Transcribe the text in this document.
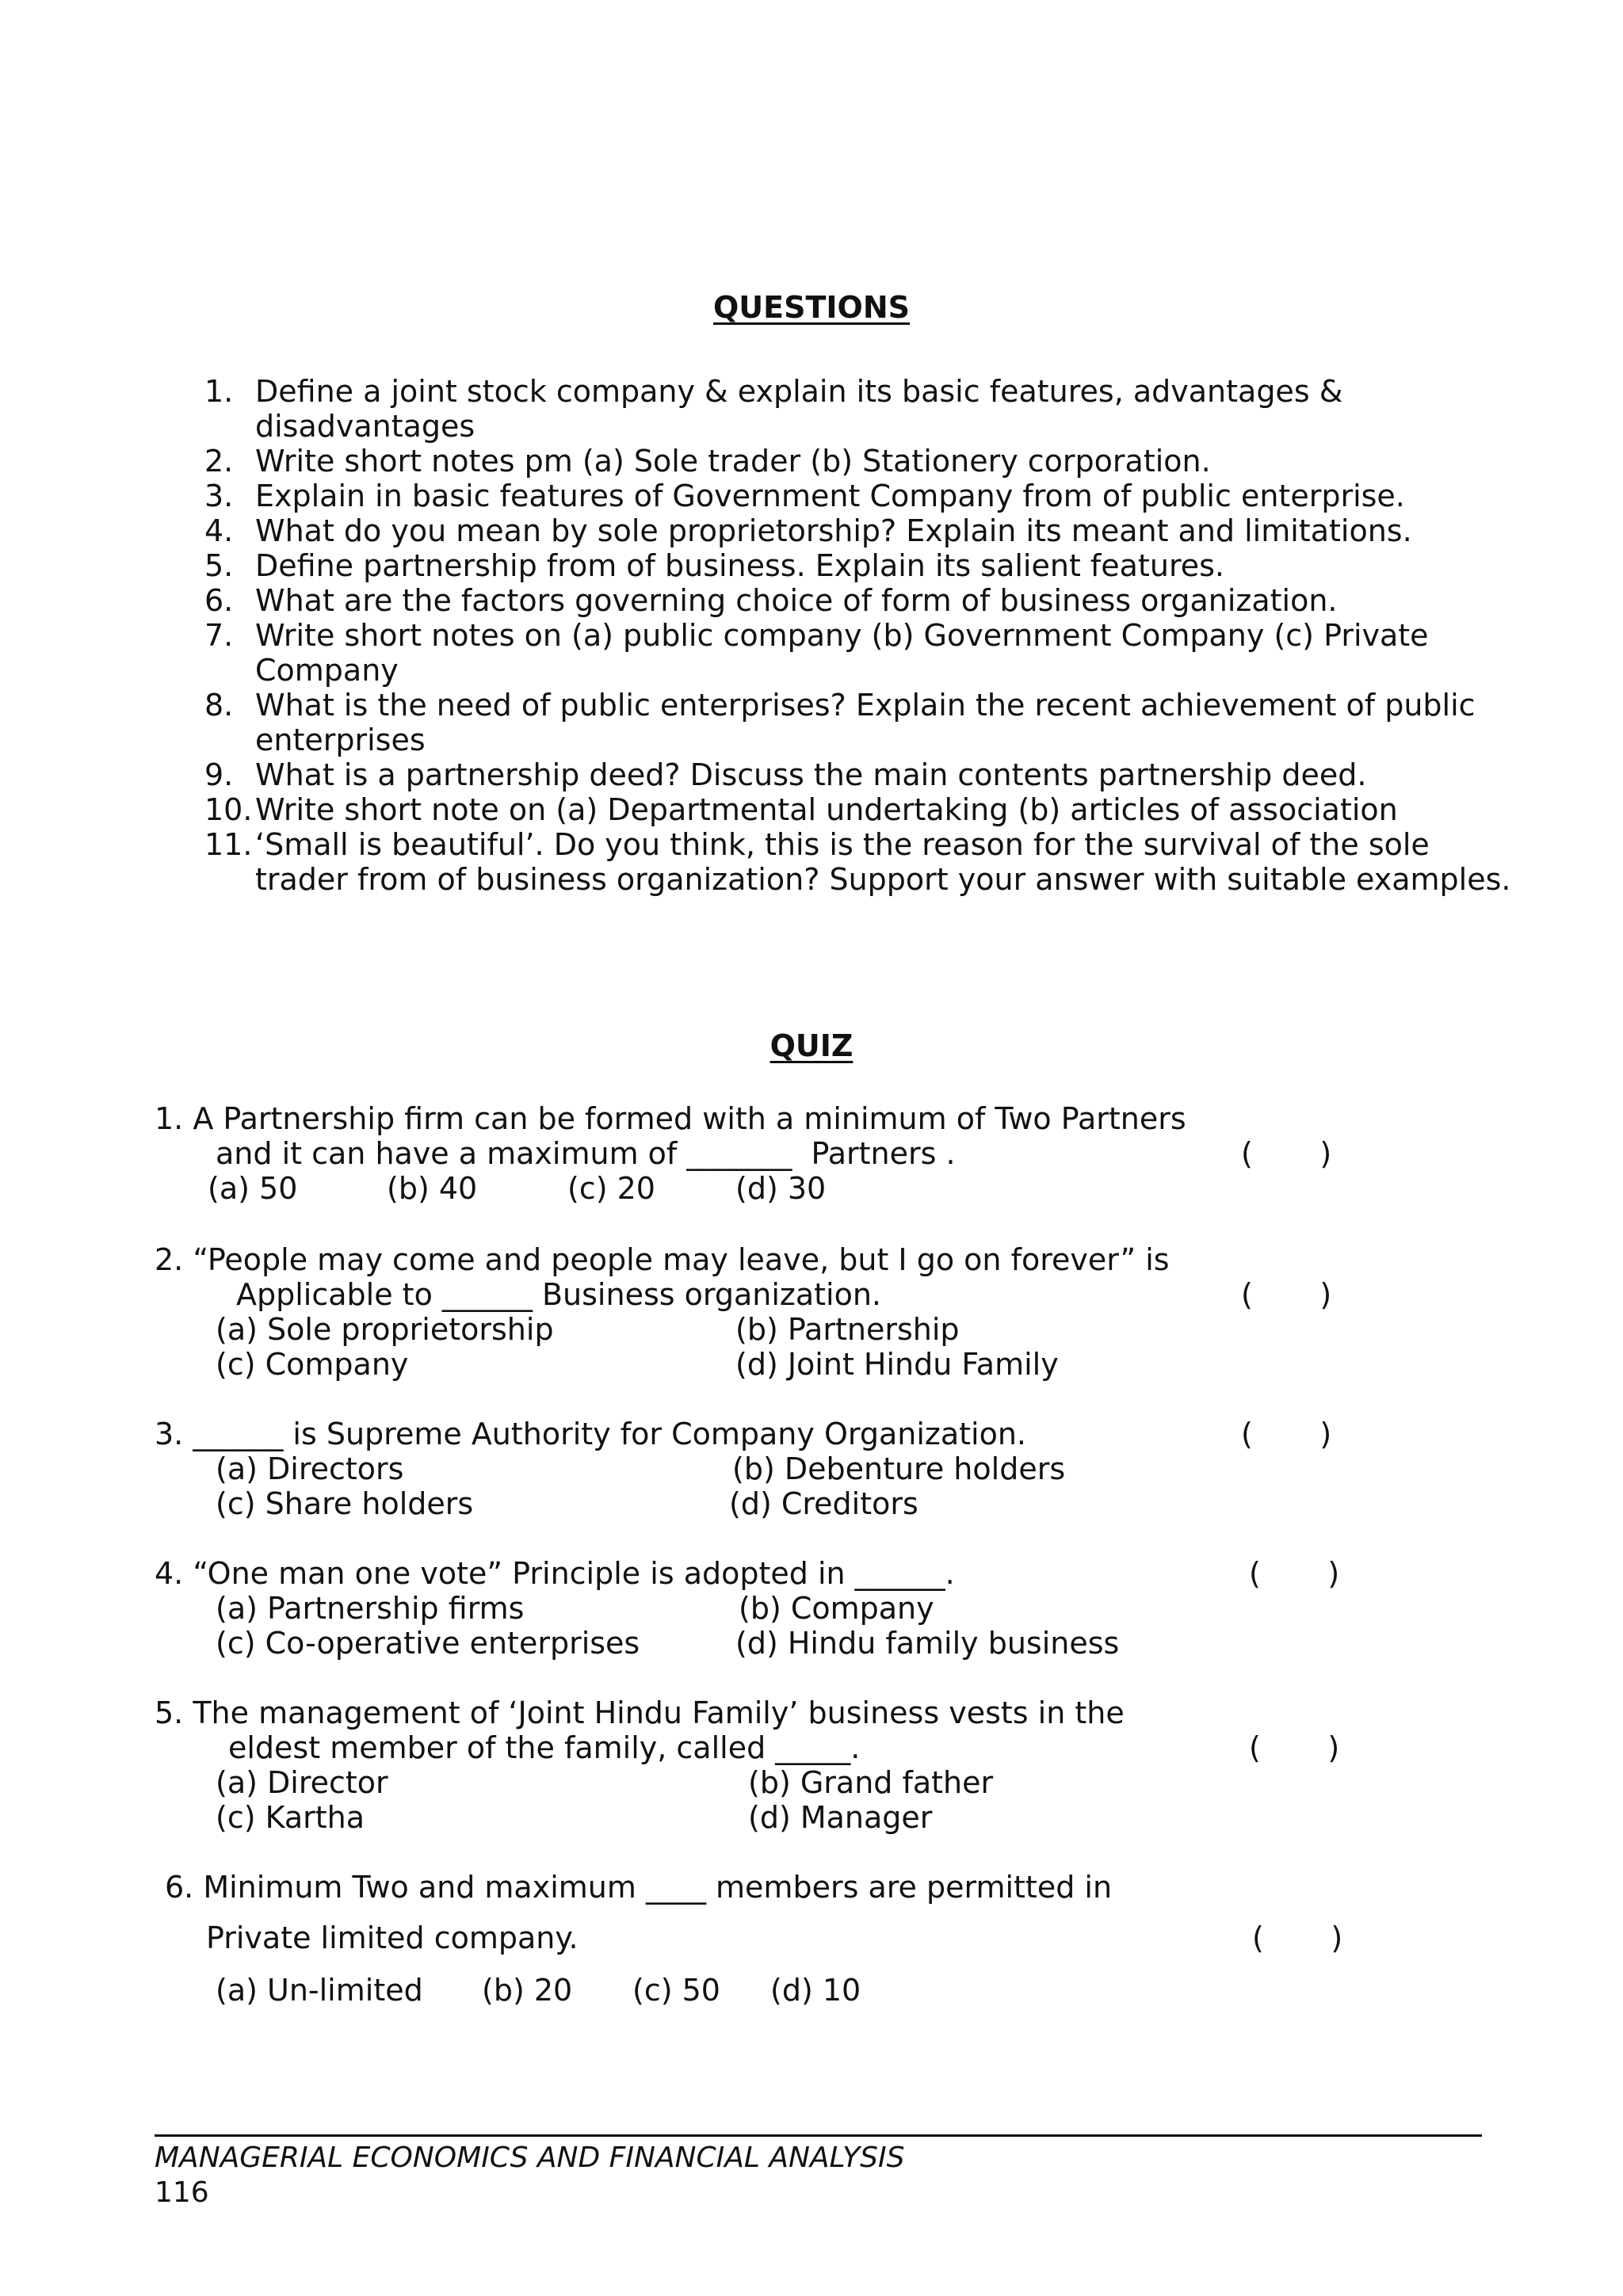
QUESTIONS
1. Define a joint stock company & explain its basic features, advantages &
disadvantages
2. Write short notes pm (a) Sole trader (b) Stationery corporation.
3. Explain in basic features of Government Company from of public enterprise.
4. What do you mean by sole proprietorship? Explain its meant and limitations.
5. Define partnership from of business. Explain its salient features.
6. What are the factors governing choice of form of business organization.
7. Write short notes on (a) public company (b) Government Company (c) Private
Company
8. What is the need of public enterprises? Explain the recent achievement of public
enterprises
9. What is a partnership deed? Discuss the main contents partnership deed.
10. Write short note on (a) Departmental undertaking (b) articles of association
11. ‘Small is beautiful’. Do you think, this is the reason for the survival of the sole
trader from of business organization? Support your answer with suitable examples.
QUIZ
1. A Partnership firm can be formed with a minimum of Two Partners
and it can have a maximum of _______  Partners .	(       )
(a) 50	(b) 40	(c) 20	(d) 30
2. “People may come and people may leave, but I go on forever” is
Applicable to ______ Business organization.	(       )
(a) Sole proprietorship	(b) Partnership
(c) Company	(d) Joint Hindu Family
3. ______ is Supreme Authority for Company Organization.	(       )
(a) Directors	(b) Debenture holders
(c) Share holders	(d) Creditors
4. “One man one vote” Principle is adopted in ______.	(       )
(a) Partnership firms	(b) Company
(c) Co-operative enterprises	(d) Hindu family business
5. The management of ‘Joint Hindu Family’ business vests in the
eldest member of the family, called _____.	(       )
(a) Director	(b) Grand father
(c) Kartha	(d) Manager
6. Minimum Two and maximum ____ members are permitted in
Private limited company.	(       )
(a) Un-limited (b) 20 (c) 50 (d) 10
MANAGERIAL ECONOMICS AND FINANCIAL ANALYSIS
116
